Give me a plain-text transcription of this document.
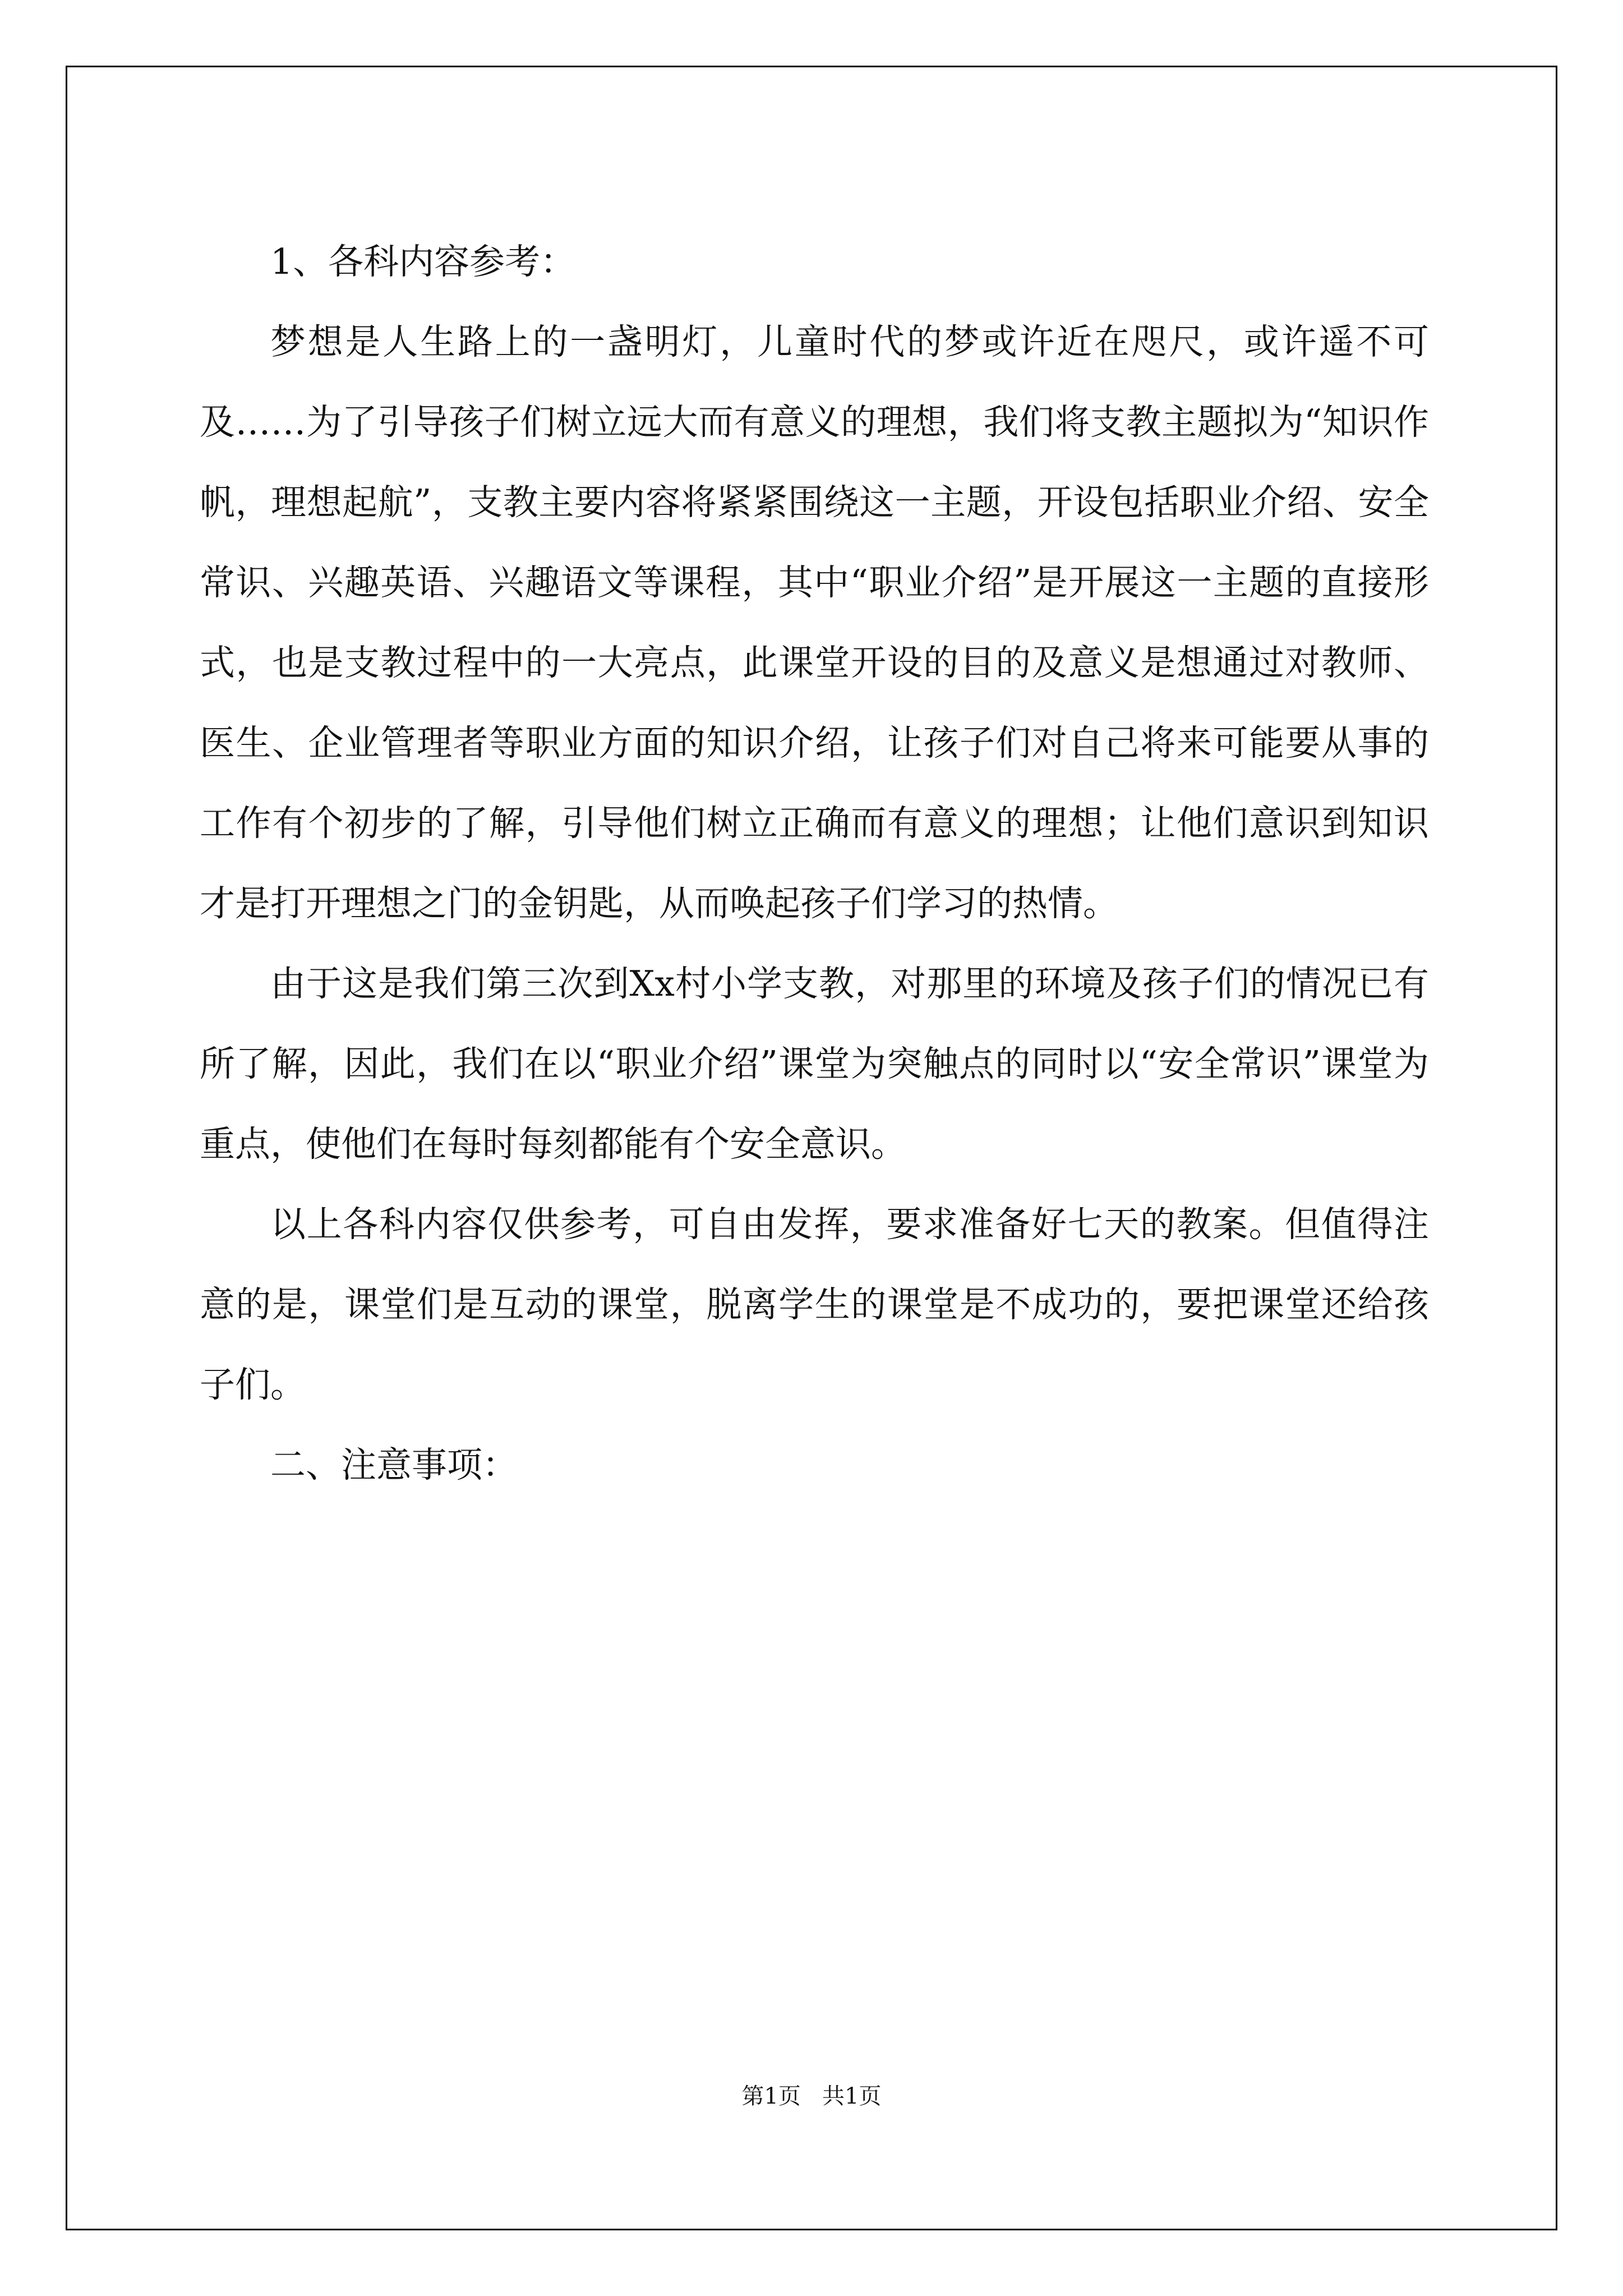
1、各科内容参考：

梦想是人生路上的一盏明灯，儿童时代的梦或许近在咫尺，或许遥不可及……为了引导孩子们树立远大而有意义的理想，我们将支教主题拟为“知识作帆，理想起航”，支教主要内容将紧紧围绕这一主题，开设包括职业介绍、安全常识、兴趣英语、兴趣语文等课程，其中“职业介绍”是开展这一主题的直接形式，也是支教过程中的一大亮点，此课堂开设的目的及意义是想通过对教师、医生、企业管理者等职业方面的知识介绍，让孩子们对自己将来可能要从事的工作有个初步的了解，引导他们树立正确而有意义的理想；让他们意识到知识才是打开理想之门的金钥匙，从而唤起孩子们学习的热情。

由于这是我们第三次到Xx村小学支教，对那里的环境及孩子们的情况已有所了解，因此，我们在以“职业介绍”课堂为突触点的同时以“安全常识”课堂为重点，使他们在每时每刻都能有个安全意识。

以上各科内容仅供参考，可自由发挥，要求准备好七天的教案。但值得注意的是，课堂们是互动的课堂，脱离学生的课堂是不成功的，要把课堂还给孩子们。

二、注意事项：

第1页   共1页
